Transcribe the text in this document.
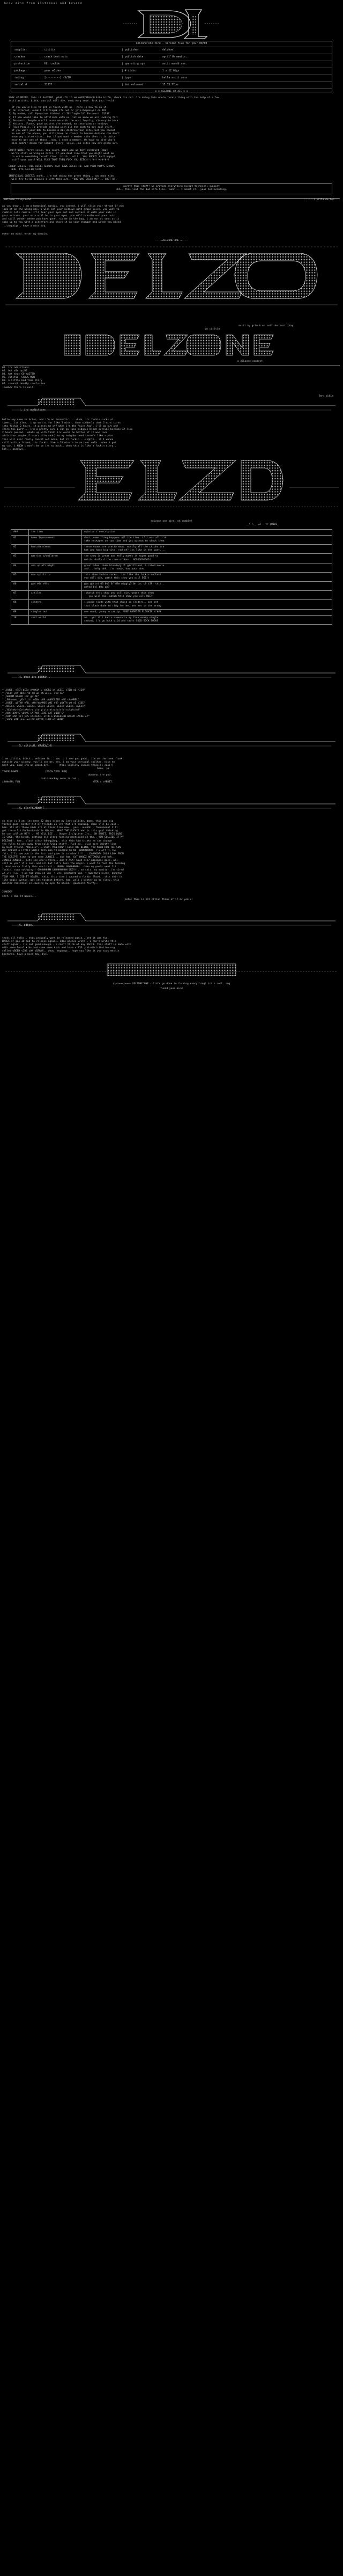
knew zine from Elitesoul and beyond
delzone'one zine - version five for your 00/00
supplier	: cititia	| publisher	: delzhoe.
cracker	: crack dest nots	| publish date	: april'th awaits.
protection	: HL: couLdn	| operating sys	: ascii wardd sys.
packager	: your m0ther	| # disks	: 1 x 12 Gigs
rating	: [---------] -5/10	| type	: hella ascii zens
serial #	: 31337	| dnd released	: 15:33:77pm
-------------------- x x XELZONE eR 4IE x x --------------------
SOOK nT MEEEE. this iZ delZONE, yOuR cOl lO mA woRlZ&RhAbM &the bitCh, check dis out. I'm doing this whole fuckin thing with the help of a few
ascii artists. bitch, you all will die. very very soon. fuck you. --cld

If you would like to get in touch with us - here is how to do it:
1) On internet, e-mail cititia@sk.ife.net or jpte.Nd@desynz on IRC
2) By modem, call Operators Hideout at 701 login 141 Password: 31337
3) If you would like to affiliate with us, let us know we are looking for:
1) Peasants. People who'll serve me with the most loyalty, slavery to back
2) Writers. Funny, good writers are needed. no interview or reviews
3) Rich People. To provide cititia with all the cash to buy cool stuff.
If you want your BBS to become a DEI distribution site, but you cannot
be one of the above, you still have no chance to become delzone.com don't
have any distro sites.. but if you want a member site then it is quite
easy to get one of those.. but. i need a member. We have no site who's
nice and/or dream for almost -every- issue.. no sites now are given out.

SHORT NEWS: first issue. You count. Wait now we dont distrust [dap]
we're still working on ascii. if you dont like that you might want me
to write something here?? fine.. bitch i will.. YOU SUCK?! And? happy?
sniff your want? WELL FUCK THAT THEN FUCK YOU BITCH!^(^#^!*%*#^#^!

GROUP GREETZ: ALL ASCII GROUPS THAT GAVE ASCII IN. AND YOUR MOM'S GROUP.
HUH, ITS CALLED SLUT!

INDIVIDUAL GREETZ: muhh.. i'm not doing the greet thing.. too many kids
will try to me because i left them out.. "BOO WHO GREET ME" .. SHUT UP.
pirate this stuff? we provide everything except technical support
uhh.. this isnt the dud info file.. muhh... i doubt it.. your hellecouting.
welcome to my mind.	.....i pitta de fon...
as you know.. i am a homocidal maniac. you indeed. i will slice your throat if you
look at me the wrong way. i will eat your kidneys with grape juice. you want to
rumble? lets rumble. I'll tear your eyes out and replace it with your nuts in
your mutsack. your nuts will be in your eyes. you will breathe out your nuts
and still wonder where you have gone. rip me in the bag. i am not as soon as it
come up to you with a pitchfork and shove it in your stomach and watch you bleed
...cumpaign.. have a nice day.
enter my mind. enter my domain.
----=AELZONE'ONE =----
ascii by grim & mr self destruct [dap]
go cititia
a AELzone contest
01. irc addictions.
02. hot wIn quiDE
03. hat that GO WAITED
05. cititia. CHAUS MEN
06. a little bed time story
07. seventh deadly conclusion.
(number there is null)
|. irc addictions
by: citia
hello. my name is brian, and i'm an irooholic. ...dude, irc fuckin sucks at
times.. its fine.. i go on irc for like 5 mins.. then suddenly that 5 mins turns
into fuckin 2 hours. it pisses me off when i'm the "nice Ang". i'll go out and
share the part"... i'm a pretty sure I can go like pidgeon bitch outside because of like
2 hours passed.. whats up with that? irc would be better if it was less
addictive. maybe if users bite (ooh) to my neighborhood there's like a year
this will ever really cancel out more. but it fuckin ...sights.. if I wanna
chill with a friend, its fuckin like a 20 minute to an hour walk.. when i get
my car, i KNOW i won't be on irc so much.. when this is like a fuckin diary..
bah... goodbye..
delzone one zine, oh rumble!
__\ \__ ,Z - tr gUIDE_
###	the item	opinion / description
01	home Improvement	dont, some thing happens all the time. if i was all i'd
take heckages on too time and get watson to shoot them
02	hercules/xena	these shows are pretty neat. mostly all the chicks are
hot and have big tits. rad eh? its like in the past....
03	married w/children	the show is great and kelly makes it super good to
watch. daily 4 the come of Kev.. NOOOOOOOOOO!
04	usa up all night	great idea. dumb blonde/girl girlfriend, b-rated movie
and... help ahh, i'm ready. how bout uhm.
05	mtv spirit tv	this show fuckin rocks.. its like the fuckin coolest
you will die, watch this show you will DIE!)
06	go4 e9r r9fs	gbu gbttrd 63 0u3 6f d3m wiggly5 0n tcc t9 t59r this..
whAtd bcl bDo gm9
07	x-files	(thatch this show you will die. watch this show
you will die. watch this show you will DIE!)
08	sliders	i would slide with that chick in sliders.. and get
that black dude to ring for me. yes hes in the wrong
09	singled out	one word, jenny mccarthy. MORE HAPPIER FLOOKIN'N'k##
10	real world	uh.. yet if i had a camera in my face every single
second, i'd go buck wild and start SOCK SOCK SOCKS
4. What irc gUSH3n..
^ ,KUDE. eTER bEEe eMOKiM u eQORS of wEEE. eTER sO hIGH"
^ ,VEIT yOf WHAT tO dO wH eN wHIL. reD mE"
^ ,WHMMM BOAED iRC gUiDE"
^ ,SHrooms. yEr? tit uDDe uVR vANSOLEID eRE cHAMMEL"
^ ,KUDE, gOTtH eRR. eHH WAMMOS wHI tO? gOtTH gO sO sIDE"
^ ,WEEee, wEEee, wEEee. wEEee wEEee, wEEee wEEee, wEEee"
^ ,YEa!eAr!eOr!eAe!rr!c!e!g!c!a!e!rc!a!t!e!rc!a!t!e!"
^ ,WOH dOt'S yOhhS iATAK5 LIKE aAT oNER'S"
^ ,UHM nAM yET yPS iNsRuts. eTPH e WEEEEERH WAEEM sACKE eP"
^ ,SUCK WIE uhm UeLiDE WITER tHEM mY WHMM"
5. cititcH. dRuN3gInG
i am cititia, bitch.. welcome in .. you .. i see you good.. i'm on the tree. look
outside your window, you'll see me. yes, i am your personal stalker. nice to
meet you. damn i'm an idiot.bye.      (this legality insane thing is cool!)
here. ;A
TOWER POWER!                 [ESCALTOCK SUN]
donkeys are god.
rabid monkey moon is bad..
xKeWeSHL FUN                                                 eTER a rABBIT.
6. cTorYtIMEmH+T
ok time is 3 am. its been 32 days since my last collide. damn. this gum cig
tastes good. better hit my friends on irc that i'm smoking. damn i'll be cool..
hmm. its all these kids are at their line now.. yes.. uuuhhh.. fakeeeeeu! I'll
get these little bastards in Wicker. WHAT THE FUCK?! who is this guy! thinking
he can collide ME?! .. HE WILL DIE .. [hyper.Irc]gitter Irc.. OH SHHIT, THIS DUDE
IS COOL, the bitch, getting his ultra fucking mentioned on the.. YOU COLLIDE IT MY
DELZONE!. hmm.. clash.bitch ddHogglog.. shit this kid thinks he can change
the rules to get away from nullifying stuff!. fuck me.. clue more shitty like
my best friend. "BILLIE". ..shit, MAN DON'T EVEN THE BLIND, YOU KNOW HOW THE SUN
WHY DOESNT A LITTLE WHILE THIS HAS TO HAPPEN TO ME. HMMMMMMMM. i'm off to the
fair, I'll see you in the fair and give it to mine!!!!!. ..DAMMOOFH CHOS LOOK FROM
THE SCRIPT? time to get some JUNDEI... duh hmm. GeT WARDZ WOTENOAD and heh..
JUNDEI JUNDEI.. lets see who's there...don't ASK! high ass? gogogone goes. all
shit is you? it's cool and all but let's feel the magic. i want to feel the fucking
| dont worry finify this wost hurt.. UHHHH UHHHHHHHH.. damn my penis went fit..
fuckin. stop swinging^^ OOHHHHHMH UHHHHHHHHH OKEY!!. no shit. my monitor i'm tired
of all this. I AM THE KING OF YOU. I WILL DOMINATE YOU. I OWN THIS PLACE. FUCKING
YOUR MOM. I DID IT AGAIN.. shit, this time i caused a fuckin flood.. this shit is
like magic syntax. got its fastest before. hmm. well i better go to sleep. this
monitor radiation is causing my eyes to bleed.. goodnite fluffy..
JUNDDDY
shit, i did it again...
(note: this is not citia: think of it as you 2:
6. ddboe..
thats all folks.. this probably wont be released again.. yet it was fun.
WARES 47 goo 30 and to release again.. ddoe please write.. i can't write this
stuff again.. i'm not good enough.. i can't think of any ASCII. this stuff is made with
with some local kids and some some kids and have a BIG ,thisdistribution.org
called uBEEH vIDS uAN wIRRNS.. whoo. mogongo.. hope you like it you suck meshin
bastards. have a nice day. bye.
x\~x~~~x~~~~ XELZONE'ONE - Cid's go done to fucking everything! ice's cool. rmg
fun4d your mind
